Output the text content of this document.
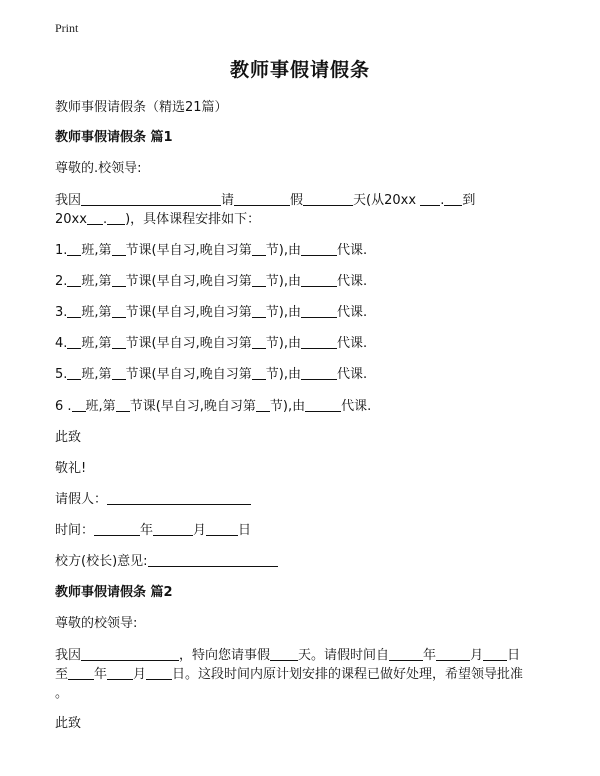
Print
教师事假请假条
教师事假请假条（精选21篇）
教师事假请假条 篇1
尊敬的.校领导:
我因	请	假	天(从20xx . 到
20xx . )，具体课程安排如下：
1. 班,第 节课(早自习,晚自习第 节),由	代课.
2. 班,第 节课(早自习,晚自习第 节),由	代课.
3. 班,第 节课(早自习,晚自习第 节),由	代课.
4. 班,第 节课(早自习,晚自习第 节),由	代课.
5. 班,第 节课(早自习,晚自习第 节),由	代课.
6 . 班,第 节课(早自习,晚自习第 节),由	代课.
此致
敬礼!
请假人：
时间：	年	月 日
校方(校长)意见:
教师事假请假条 篇2
尊敬的校领导:
我因	，特向您请事假 天。请假时间自	年	月 日
至 年 月 日。这段时间内原计划安排的课程已做好处理，希望领导批准
。
此致
